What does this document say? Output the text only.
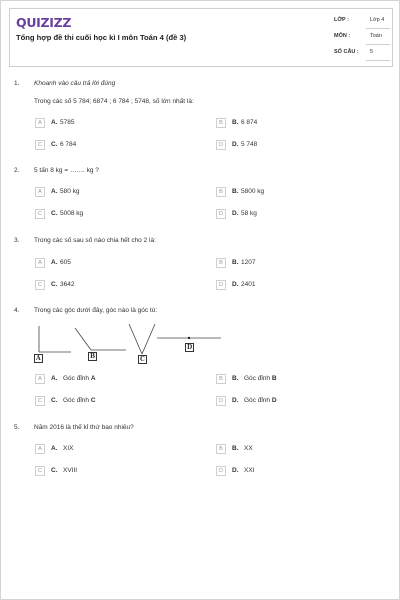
QUIZIZZ
Tổng hợp đề thi cuối học kì I môn Toán 4 (đề 3)
LỚP :	Lớp 4
MÔN :	Toán
SỐ CÂU : 5
1. Khoanh vào câu trả lời đúng
Trong các số 5 784; 6874 ; 6 784 ; 5748, số lớn nhất là:
A	A. 5785	B	B. 6 874
C	C. 6 784	D	D. 5 748
2. 5 tấn 8 kg = ……. kg ?
A	A. 580 kg	B	B. 5800 kg
C	C. 5008 kg	D	D. 58 kg
3. Trong các số sau số nào chia hết cho 2 là:
A	A. 605	B	B. 1207
C	C. 3642	D	D. 2401
4. Trong các góc dưới đây, góc nào là góc tù:
A	B	C
D
A	A. Góc đỉnh A	B	B. Góc đỉnh B
C	C. Góc đỉnh C	D	D. Góc đỉnh D
5. Năm 2016 là thế kỉ thứ bao nhiêu?
A	A. XIX	B	B. XX
C	C. XVIII	D	D. XXI
